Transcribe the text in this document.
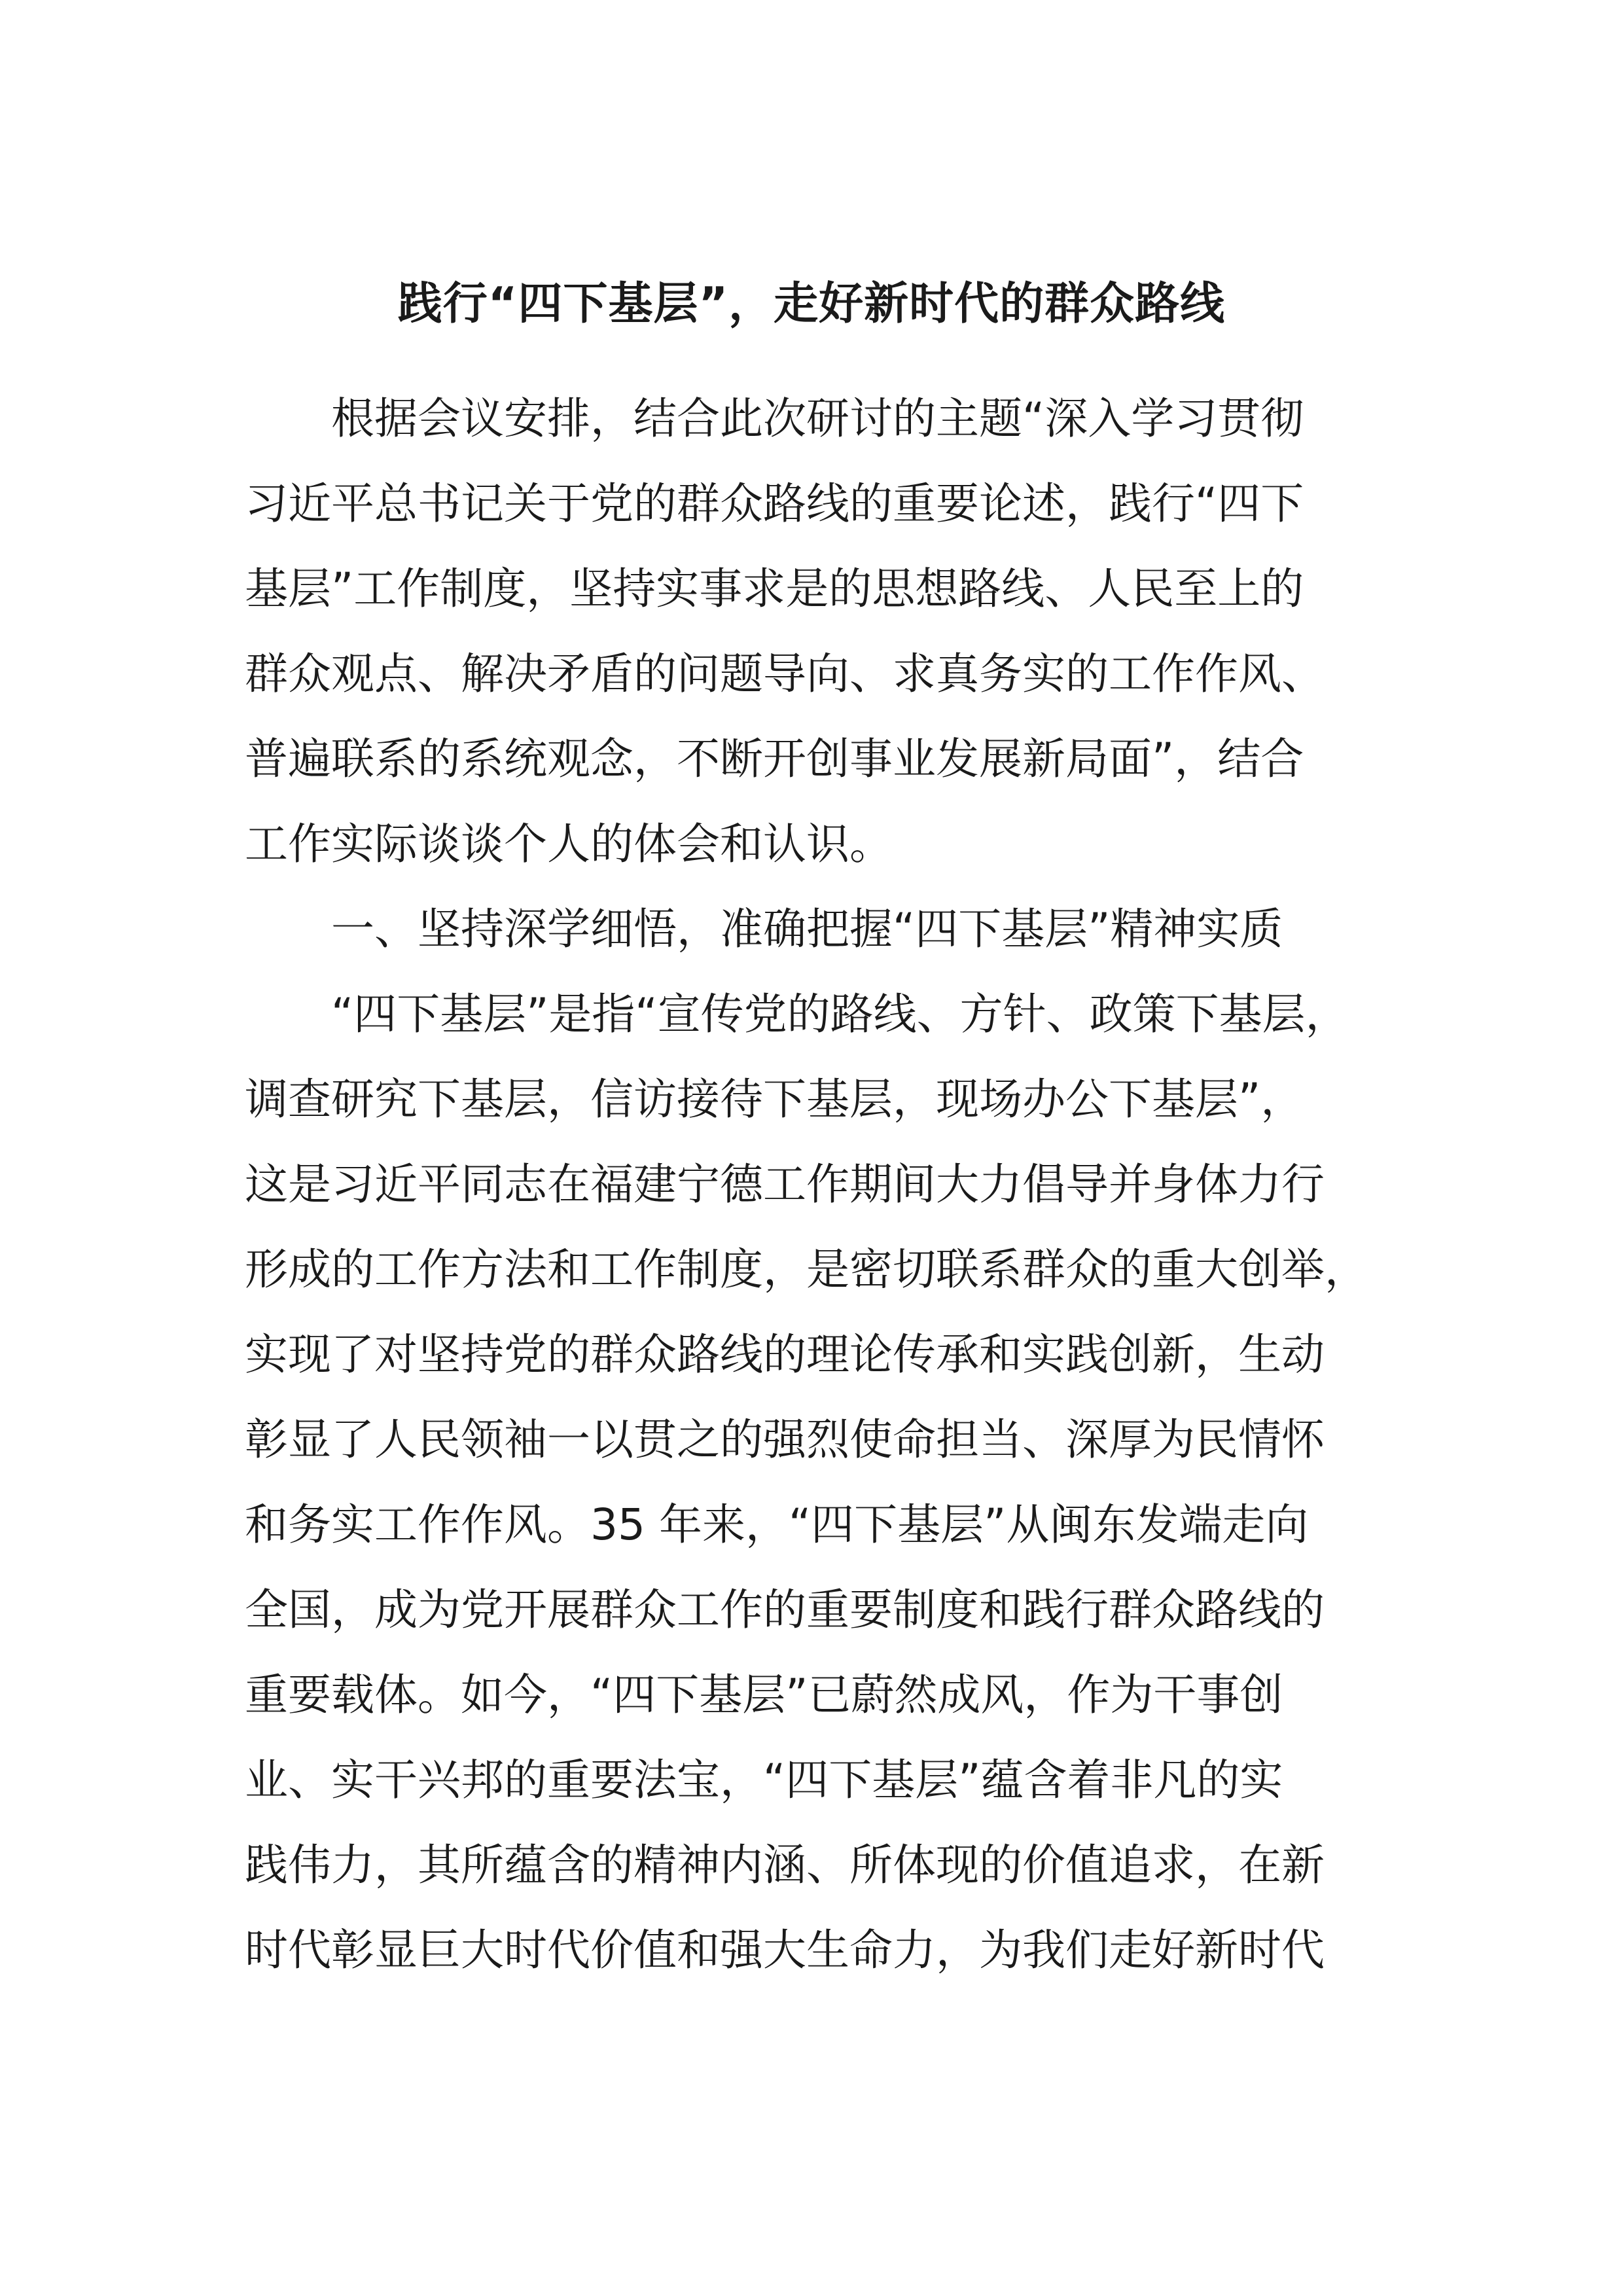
践行“四下基层”，走好新时代的群众路线

根据会议安排，结合此次研讨的主题“深入学习贯彻

习近平总书记关于党的群众路线的重要论述，践行“四下

基层”工作制度，坚持实事求是的思想路线、人民至上的

群众观点、解决矛盾的问题导向、求真务实的工作作风、

普遍联系的系统观念，不断开创事业发展新局面”，结合

工作实际谈谈个人的体会和认识。

一、坚持深学细悟，准确把握“四下基层”精神实质

“四下基层”是指“宣传党的路线、方针、政策下基层，

调查研究下基层，信访接待下基层，现场办公下基层”，

这是习近平同志在福建宁德工作期间大力倡导并身体力行

形成的工作方法和工作制度，是密切联系群众的重大创举，

实现了对坚持党的群众路线的理论传承和实践创新，生动

彰显了人民领袖一以贯之的强烈使命担当、深厚为民情怀

和务实工作作风。35 年来，“四下基层”从闽东发端走向

全国，成为党开展群众工作的重要制度和践行群众路线的

重要载体。如今，“四下基层”已蔚然成风，作为干事创

业、实干兴邦的重要法宝，“四下基层”蕴含着非凡的实

践伟力，其所蕴含的精神内涵、所体现的价值追求，在新

时代彰显巨大时代价值和强大生命力，为我们走好新时代
